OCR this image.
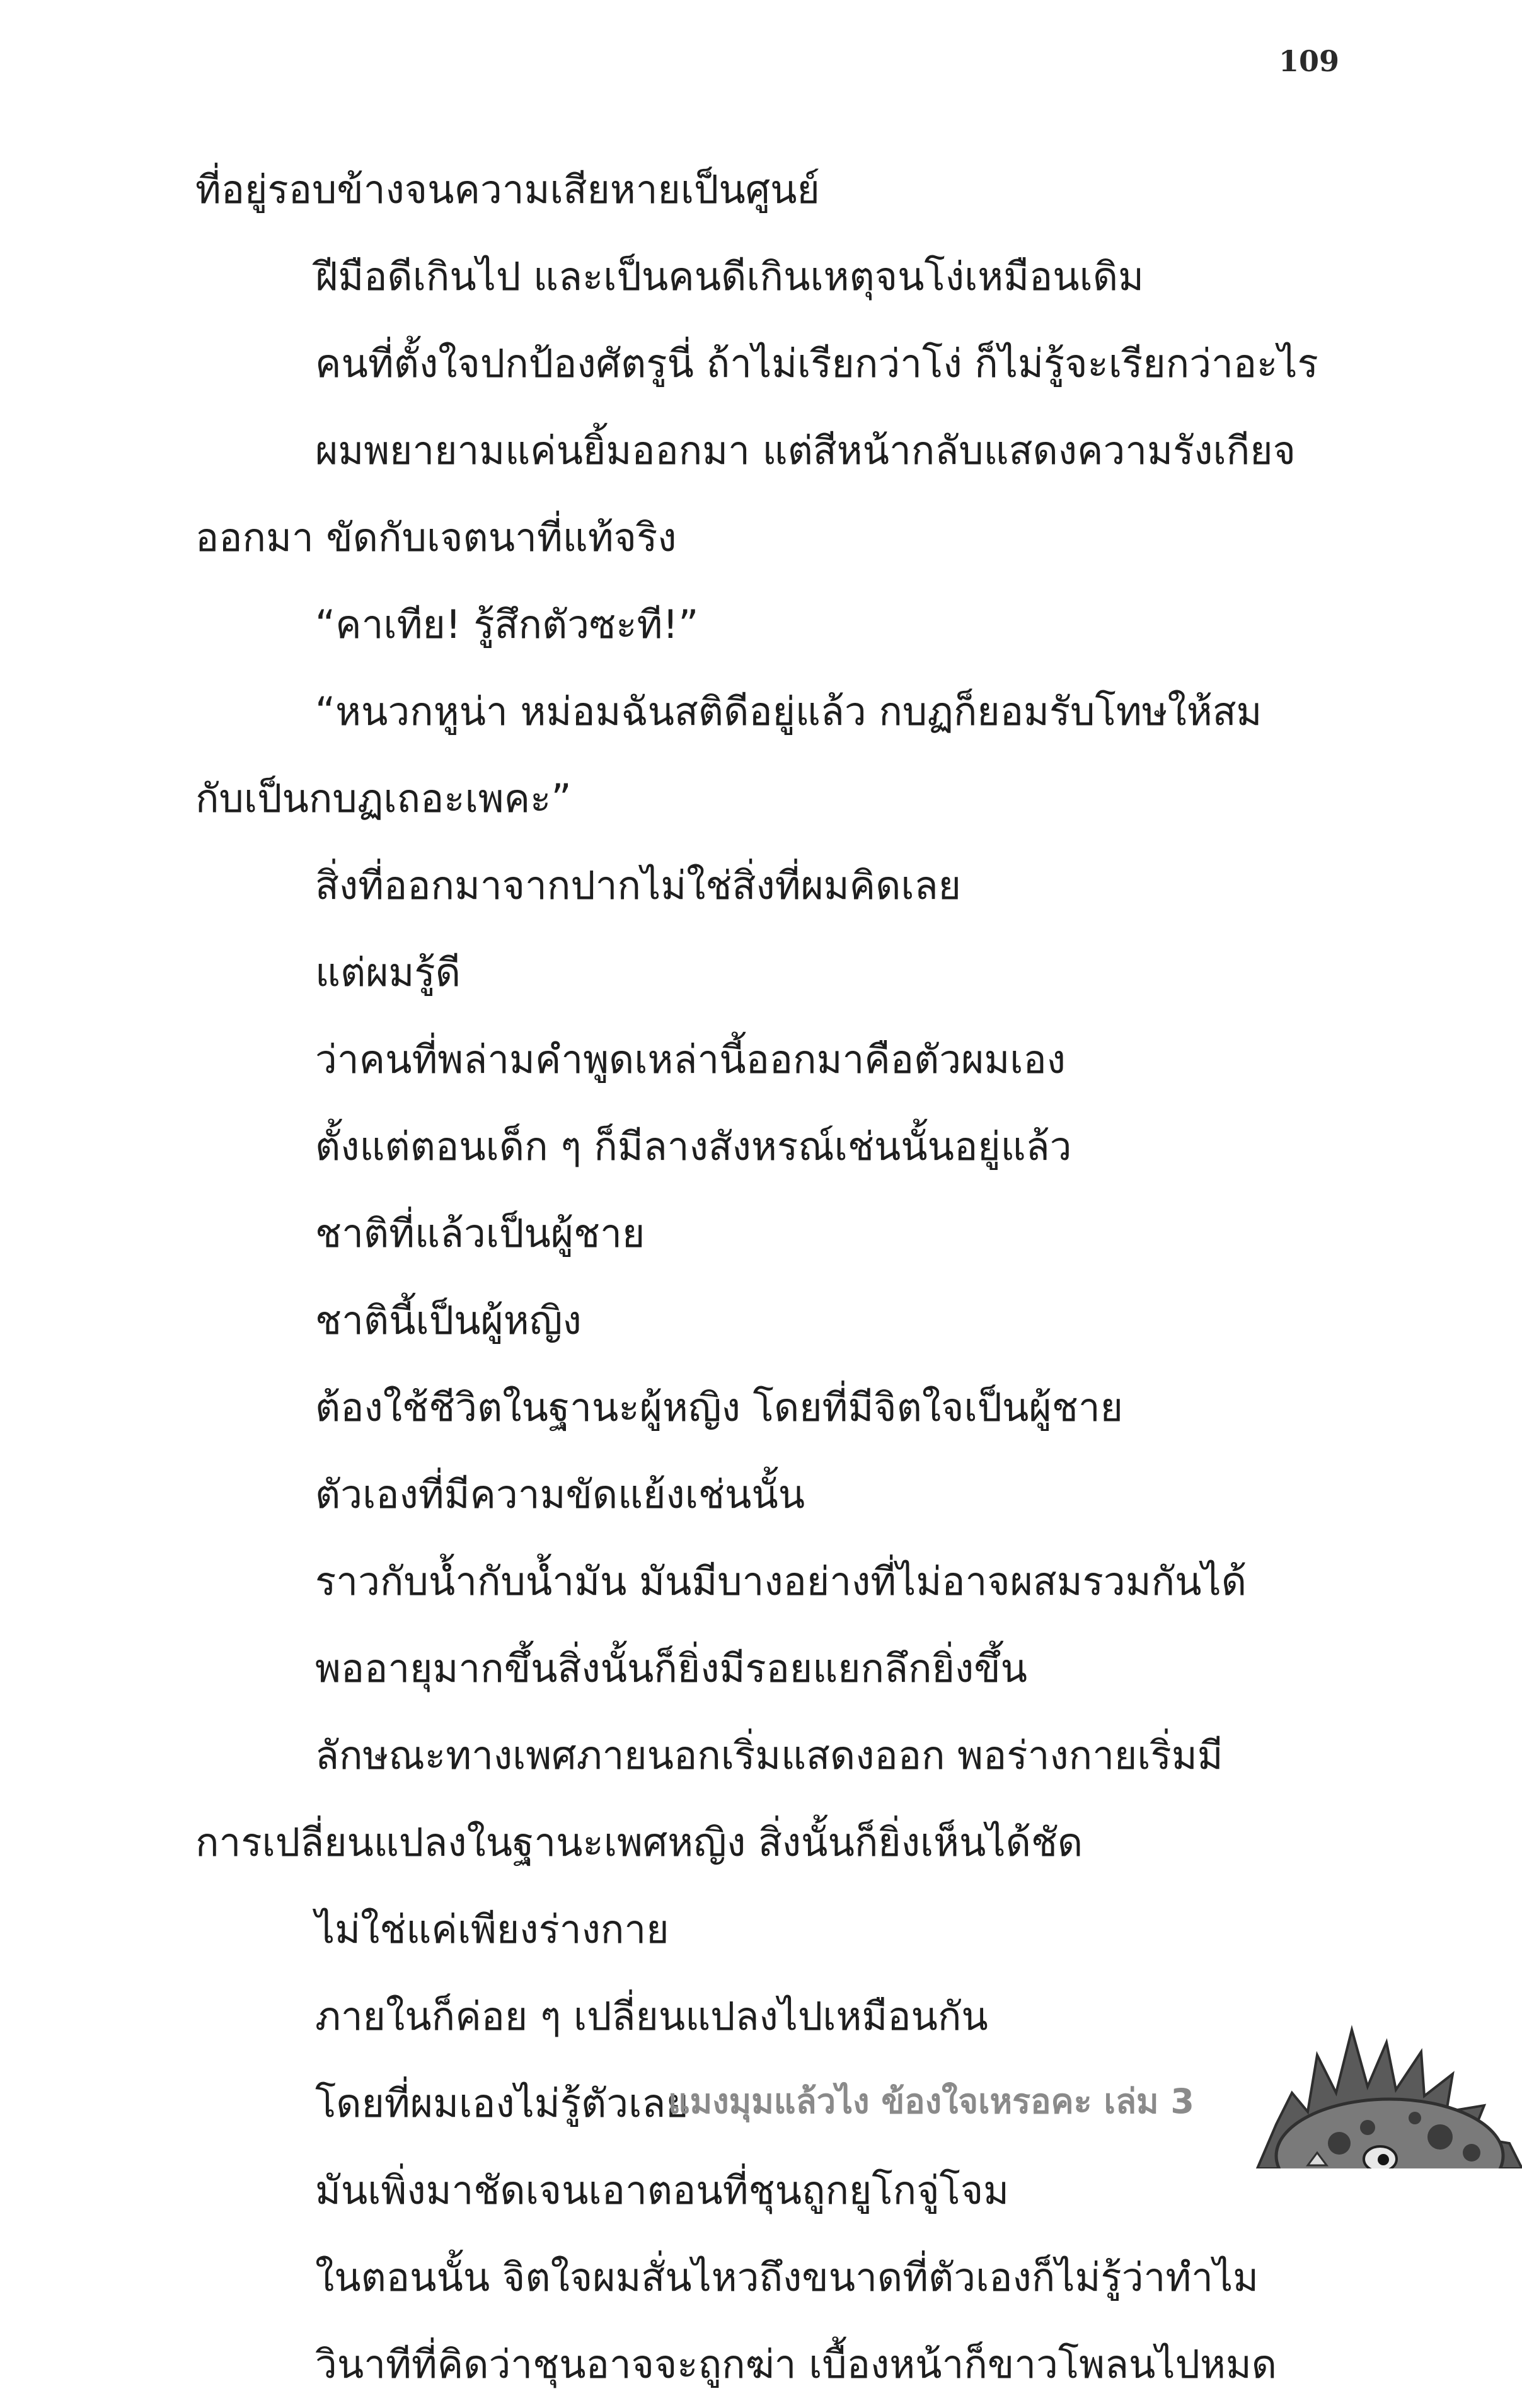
109
ที่อยู่รอบข้างจนความเสียหายเป็นศูนย์
ฝีมือดีเกินไป และเป็นคนดีเกินเหตุจนโง่เหมือนเดิม
คนที่ตั้งใจปกป้องศัตรูนี่ ถ้าไม่เรียกว่าโง่ ก็ไม่รู้จะเรียกว่าอะไร
ผมพยายามแค่นยิ้มออกมา แต่สีหน้ากลับแสดงความรังเกียจ
ออกมา ขัดกับเจตนาที่แท้จริง
“คาเทีย! รู้สึกตัวซะที!”
“หนวกหูน่า หม่อมฉันสติดีอยู่แล้ว กบฏก็ยอมรับโทษให้สม
กับเป็นกบฏเถอะเพคะ”
สิ่งที่ออกมาจากปากไม่ใช่สิ่งที่ผมคิดเลย
แต่ผมรู้ดี
ว่าคนที่พล่ามคำพูดเหล่านี้ออกมาคือตัวผมเอง
ตั้งแต่ตอนเด็ก ๆ ก็มีลางสังหรณ์เช่นนั้นอยู่แล้ว
ชาติที่แล้วเป็นผู้ชาย
ชาตินี้เป็นผู้หญิง
ต้องใช้ชีวิตในฐานะผู้หญิง โดยที่มีจิตใจเป็นผู้ชาย
ตัวเองที่มีความขัดแย้งเช่นนั้น
ราวกับน้ำกับน้ำมัน มันมีบางอย่างที่ไม่อาจผสมรวมกันได้
พออายุมากขึ้นสิ่งนั้นก็ยิ่งมีรอยแยกลึกยิ่งขึ้น
ลักษณะทางเพศภายนอกเริ่มแสดงออก พอร่างกายเริ่มมี
การเปลี่ยนแปลงในฐานะเพศหญิง สิ่งนั้นก็ยิ่งเห็นได้ชัด
ไม่ใช่แค่เพียงร่างกาย
ภายในก็ค่อย ๆ เปลี่ยนแปลงไปเหมือนกัน
โดยที่ผมเองไม่รู้ตัวเลย
มันเพิ่งมาชัดเจนเอาตอนที่ชุนถูกยูโกจู่โจม
ในตอนนั้น จิตใจผมสั่นไหวถึงขนาดที่ตัวเองก็ไม่รู้ว่าทำไม
วินาทีที่คิดว่าชุนอาจจะถูกฆ่า เบื้องหน้าก็ขาวโพลนไปหมด
แมงมุมแล้วไง ข้องใจเหรอคะ เล่ม 3
